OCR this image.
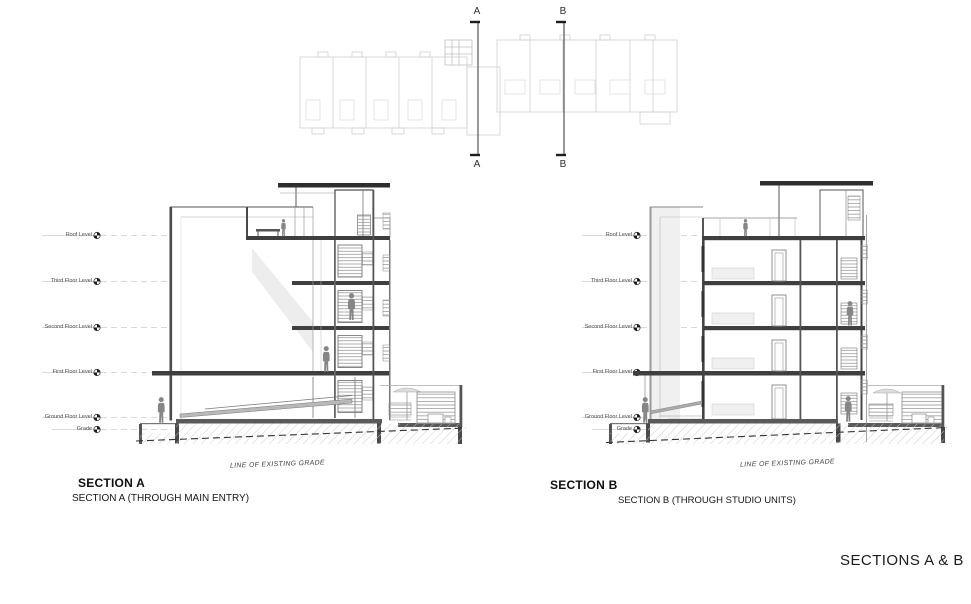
A	B
A	B
Roof Level
Third Floor Level
Second Floor Level
First Floor Level
Ground Floor Level
Grade
Roof Level
Third Floor Level
Second Floor Level
First Floor Level
Ground Floor Level
Grade
LINE OF EXISTING GRADE	LINE OF EXISTING GRADE
SECTION A
SECTION A (THROUGH MAIN ENTRY)
SECTION B
SECTION B (THROUGH STUDIO UNITS)
SECTIONS A & B
